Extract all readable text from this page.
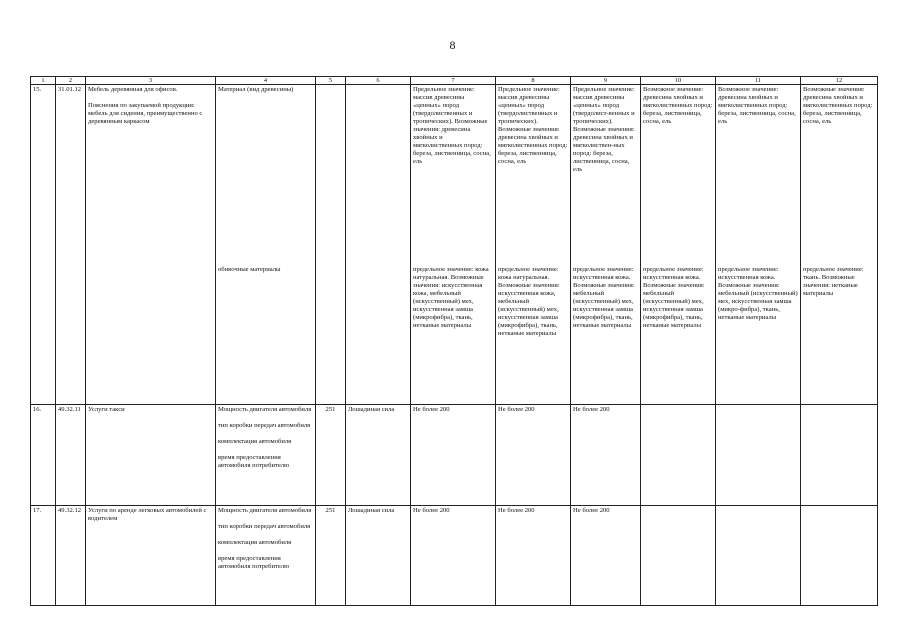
8
1	2	3	4	5	6	7	8	9	10	11	12
15.	31.01.12	Мебель деревянная для офисов.
Пояснения по закупаемой продукции: мебель для сидения, преимущественно с деревянным каркасом	Материал (вид древесины)			Предельное значение: массив древесины «ценных» пород (твердолиственных и тропических). Возможные значения: древесина хвойных и мягколиственных пород: береза, лиственница, сосна, ель	Предельное значение: массив древесины «ценных» пород (твердолиственных и тропических). Возможные значения: древесина хвойных и мягколиственных пород: береза, лиственница, сосна, ель	Предельное значение: массив древесины «ценных» пород (твердолист-венных и тропических). Возможные значения: древесина хвойных и мягколиствен-ных пород: береза, лиственница, сосна, ель	Возможное значение: древесина хвойных и мягколиственных пород: береза, лиственница, сосна, ель	Возможное значение: древесина хвойных и мягколиственных пород: береза, лиственница, сосна, ель	Возможные значения: древесина хвойных и мягколиственных пород: береза, лиственница, сосна, ель
			обивочные материалы			предельное значение: кожа натуральная. Возможные значения: искусственная кожа, мебельный (искусственный) мех, искусственная замша (микрофибра), ткань, нетканые материалы	предельное значение: кожа натуральная. Возможные значения: искусственная кожа, мебельный (искусственный) мех, искусственная замша (микрофибра), ткань, нетканые материалы	предельное значение: искусственная кожа. Возможные значения: мебельный (искусственный) мех, искусственная замша (микрофибра), ткань, нетканые материалы	предельное значение: искусственная кожа. Возможные значения: мебельный (искусственный) мех, искусственная замша (микрофибра), ткань, нетканые материалы	предельное значение: искусственная кожа. Возможные значения: мебельный (искусственный) мех, искусственная замша (микро-фибра), ткань, нетканые материалы	предельное значение: ткань. Возможные значения: нетканые материалы
16.	49.32.11	Услуги такси	Мощность двигателя автомобиля
тип коробки передач автомобиля
комплектация автомобиля
время предоставления автомобиля потребителю	251	Лошадиная сила	Не более 200	Не более 200	Не более 200			
17.	49.32.12	Услуги по аренде легковых автомобилей с водителем	Мощность двигателя автомобиля
тип коробки передач автомобиля
комплектация автомобиля
время предоставления автомобиля потребителю	251	Лошадиная сила	Не более 200	Не более 200	Не более 200			
